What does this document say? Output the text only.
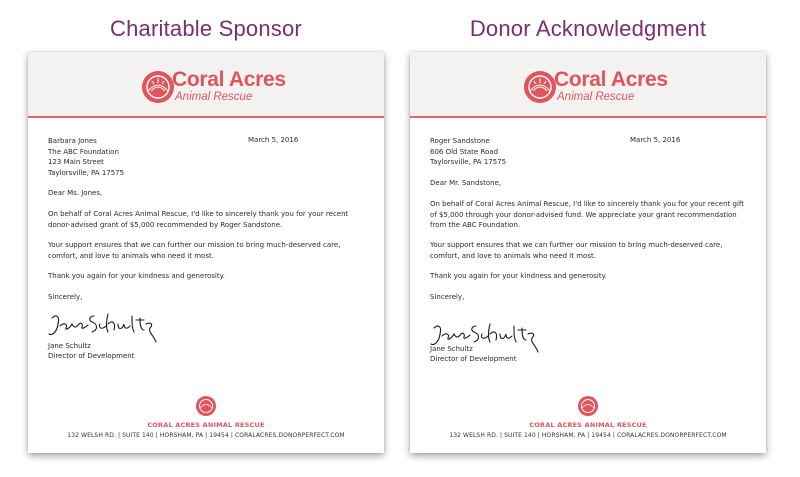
Charitable Sponsor
Coral Acres
Animal Rescue
Barbara Jones
The ABC Foundation
123 Main Street
Taylorsville, PA 17575
March 5, 2016
Dear Ms. Jones,
On behalf of Coral Acres Animal Rescue, I'd like to sincerely thank you for your recent
donor-advised grant of $5,000 recommended by Roger Sandstone.
Your support ensures that we can further our mission to bring much-deserved care,
comfort, and love to animals who need it most.
Thank you again for your kindness and generosity.
Sincerely,
Jane Schultz
Director of Development
CORAL ACRES ANIMAL RESCUE
132 WELSH RD. | SUITE 140 | HORSHAM, PA | 19454 | CORALACRES.DONORPERFECT.COM
Donor Acknowledgment
Coral Acres
Animal Rescue
Roger Sandstone
606 Old State Road
Taylorsville, PA 17575
March 5, 2016
Dear Mr. Sandstone,
On behalf of Coral Acres Animal Rescue, I'd like to sincerely thank you for your recent gift
of $5,000 through your donor-advised fund. We appreciate your grant recommendation
from the ABC Foundation.
Your support ensures that we can further our mission to bring much-deserved care,
comfort, and love to animals who need it most.
Thank you again for your kindness and generosity.
Sincerely,
Jane Schultz
Director of Development
CORAL ACRES ANIMAL RESCUE
132 WELSH RD. | SUITE 140 | HORSHAM, PA | 19454 | CORALACRES.DONORPERFECT.COM
